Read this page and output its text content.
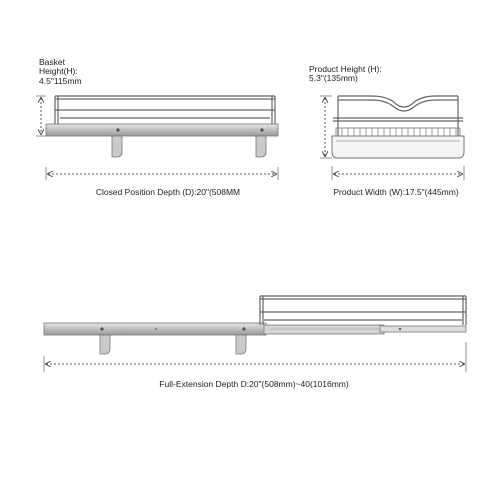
Basket
Height(H):
4.5"115mm
Product Height (H):
5.3"(135mm)
Closed Position Depth (D):20"(508MM	Product Width (W):17.5"(445mm)
Full-Extension Depth D:20"(508mm)~40(1016mm)
